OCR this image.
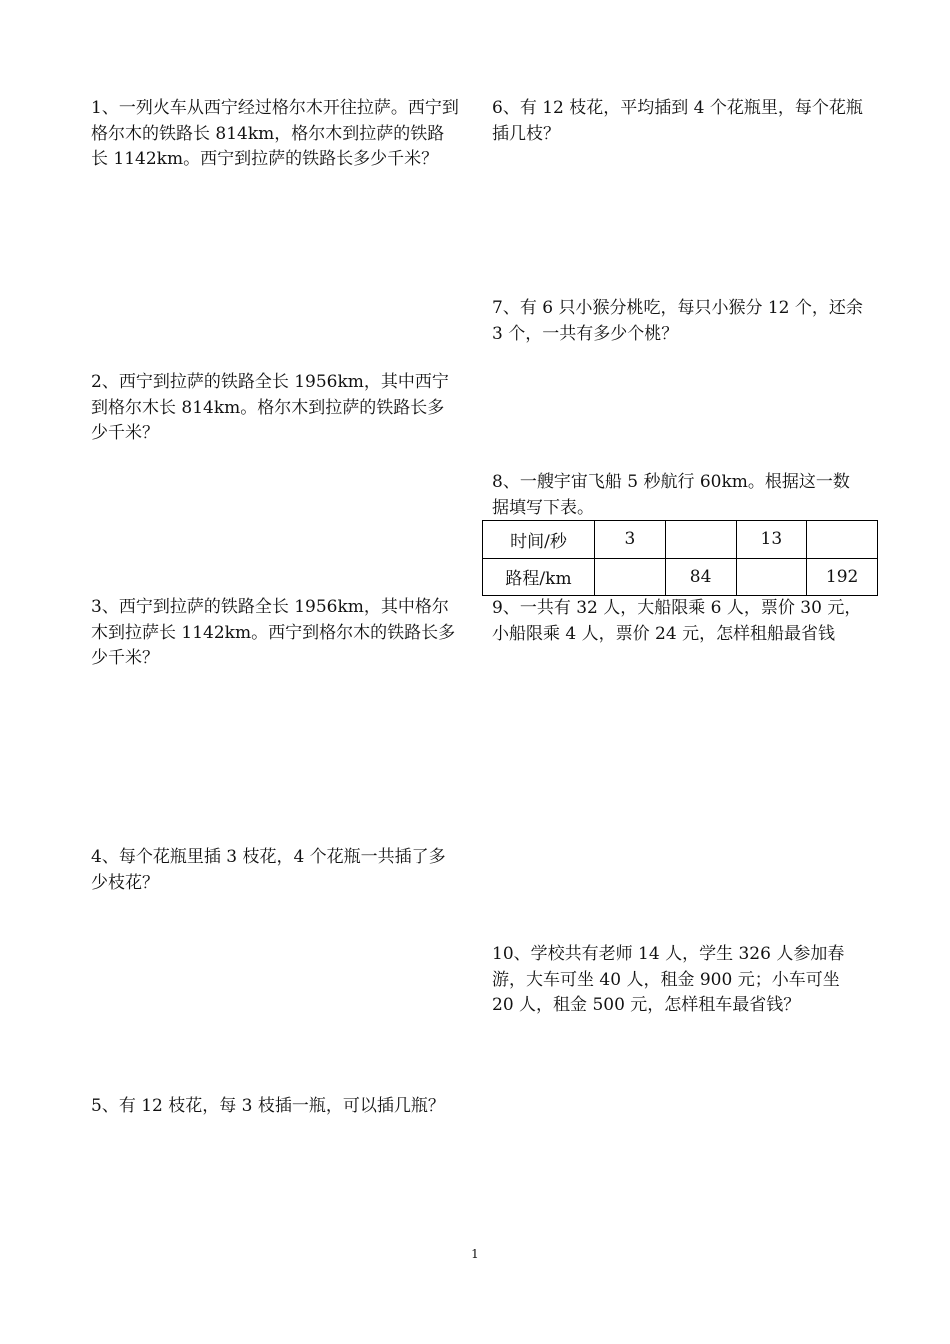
1、一列火车从西宁经过格尔木开往拉萨。西宁到格尔木的铁路长 814km，格尔木到拉萨的铁路长 1142km。西宁到拉萨的铁路长多少千米？

2、西宁到拉萨的铁路全长 1956km，其中西宁到格尔木长 814km。格尔木到拉萨的铁路长多少千米？

3、西宁到拉萨的铁路全长 1956km，其中格尔木到拉萨长 1142km。西宁到格尔木的铁路长多少千米？

4、每个花瓶里插 3 枝花，4 个花瓶一共插了多少枝花？

5、有 12 枝花，每 3 枝插一瓶，可以插几瓶？

6、有 12 枝花，平均插到 4 个花瓶里，每个花瓶插几枝？

7、有 6 只小猴分桃吃，每只小猴分 12 个，还余 3 个，一共有多少个桃？

8、一艘宇宙飞船 5 秒航行 60km。根据这一数据填写下表。

时间/秒	3		13	
路程/km		84		192

9、一共有 32 人，大船限乘 6 人，票价 30 元，小船限乘 4 人，票价 24 元，怎样租船最省钱

10、学校共有老师 14 人，学生 326 人参加春游，大车可坐 40 人，租金 900 元；小车可坐 20 人，租金 500 元，怎样租车最省钱？

1
